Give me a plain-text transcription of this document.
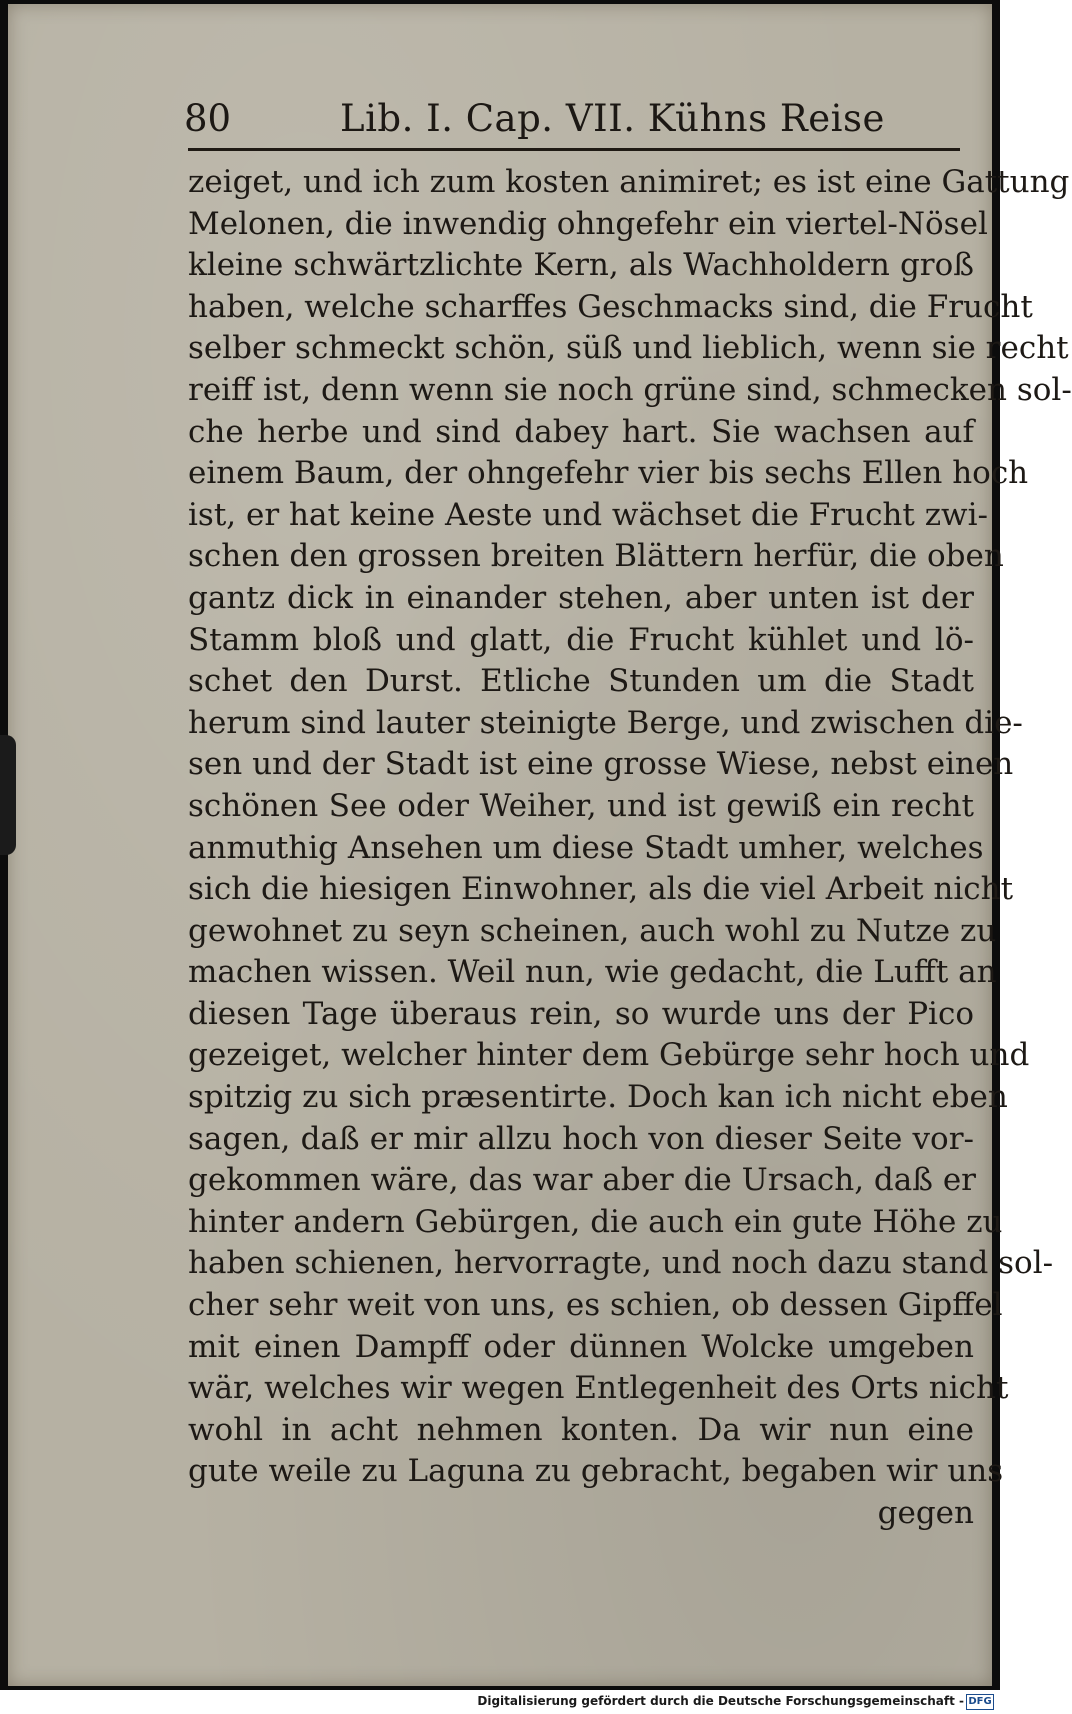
80	Lib. I. Cap. VII. Kühns Reise
zeiget, und ich zum kosten animiret; es ist eine Gattung
Melonen, die inwendig ohngefehr ein viertel-Nösel
kleine schwärtzlichte Kern, als Wachholdern groß
haben, welche scharffes Geschmacks sind, die Frucht
selber schmeckt schön, süß und lieblich, wenn sie recht
reiff ist, denn wenn sie noch grüne sind, schmecken sol-
che herbe und sind dabey hart. Sie wachsen auf
einem Baum, der ohngefehr vier bis sechs Ellen hoch
ist, er hat keine Aeste und wächset die Frucht zwi-
schen den grossen breiten Blättern herfür, die oben
gantz dick in einander stehen, aber unten ist der
Stamm bloß und glatt, die Frucht kühlet und lö-
schet den Durst. Etliche Stunden um die Stadt
herum sind lauter steinigte Berge, und zwischen die-
sen und der Stadt ist eine grosse Wiese, nebst einen
schönen See oder Weiher, und ist gewiß ein recht
anmuthig Ansehen um diese Stadt umher, welches
sich die hiesigen Einwohner, als die viel Arbeit nicht
gewohnet zu seyn scheinen, auch wohl zu Nutze zu
machen wissen. Weil nun, wie gedacht, die Lufft an
diesen Tage überaus rein, so wurde uns der Pico
gezeiget, welcher hinter dem Gebürge sehr hoch und
spitzig zu sich præsentirte. Doch kan ich nicht eben
sagen, daß er mir allzu hoch von dieser Seite vor-
gekommen wäre, das war aber die Ursach, daß er
hinter andern Gebürgen, die auch ein gute Höhe zu
haben schienen, hervorragte, und noch dazu stand sol-
cher sehr weit von uns, es schien, ob dessen Gipffel
mit einen Dampff oder dünnen Wolcke umgeben
wär, welches wir wegen Entlegenheit des Orts nicht
wohl in acht nehmen konten. Da wir nun eine
gute weile zu Laguna zu gebracht, begaben wir uns
gegen
Digitalisierung gefördert durch die Deutsche Forschungsgemeinschaft - DFG
